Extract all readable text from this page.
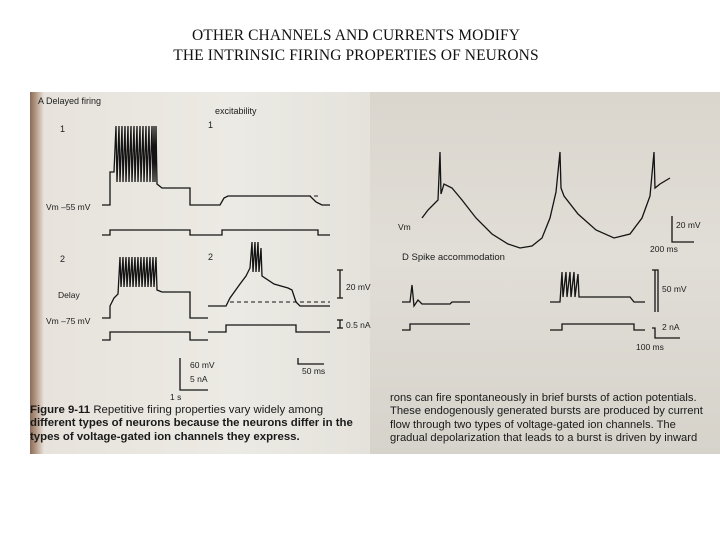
OTHER CHANNELS AND CURRENTS MODIFY
THE INTRINSIC FIRING PROPERTIES OF NEURONS
A Delayed firing
excitability
1
2
1
2
Vm –55 mV
Vm –75 mV
Delay
Vm
20 mV
0.5 nA
60 mV
5 nA
1 s
50 ms
20 mV
200 ms
D Spike accommodation
50 mV
2 nA
100 ms
Figure 9-11 Repetitive firing properties vary widely among
different types of neurons because the neurons differ in the
types of voltage-gated ion channels they express.
rons can fire spontaneously in brief bursts of action potentials.
These endogenously generated bursts are produced by current
flow through two types of voltage-gated ion channels. The
gradual depolarization that leads to a burst is driven by inward
